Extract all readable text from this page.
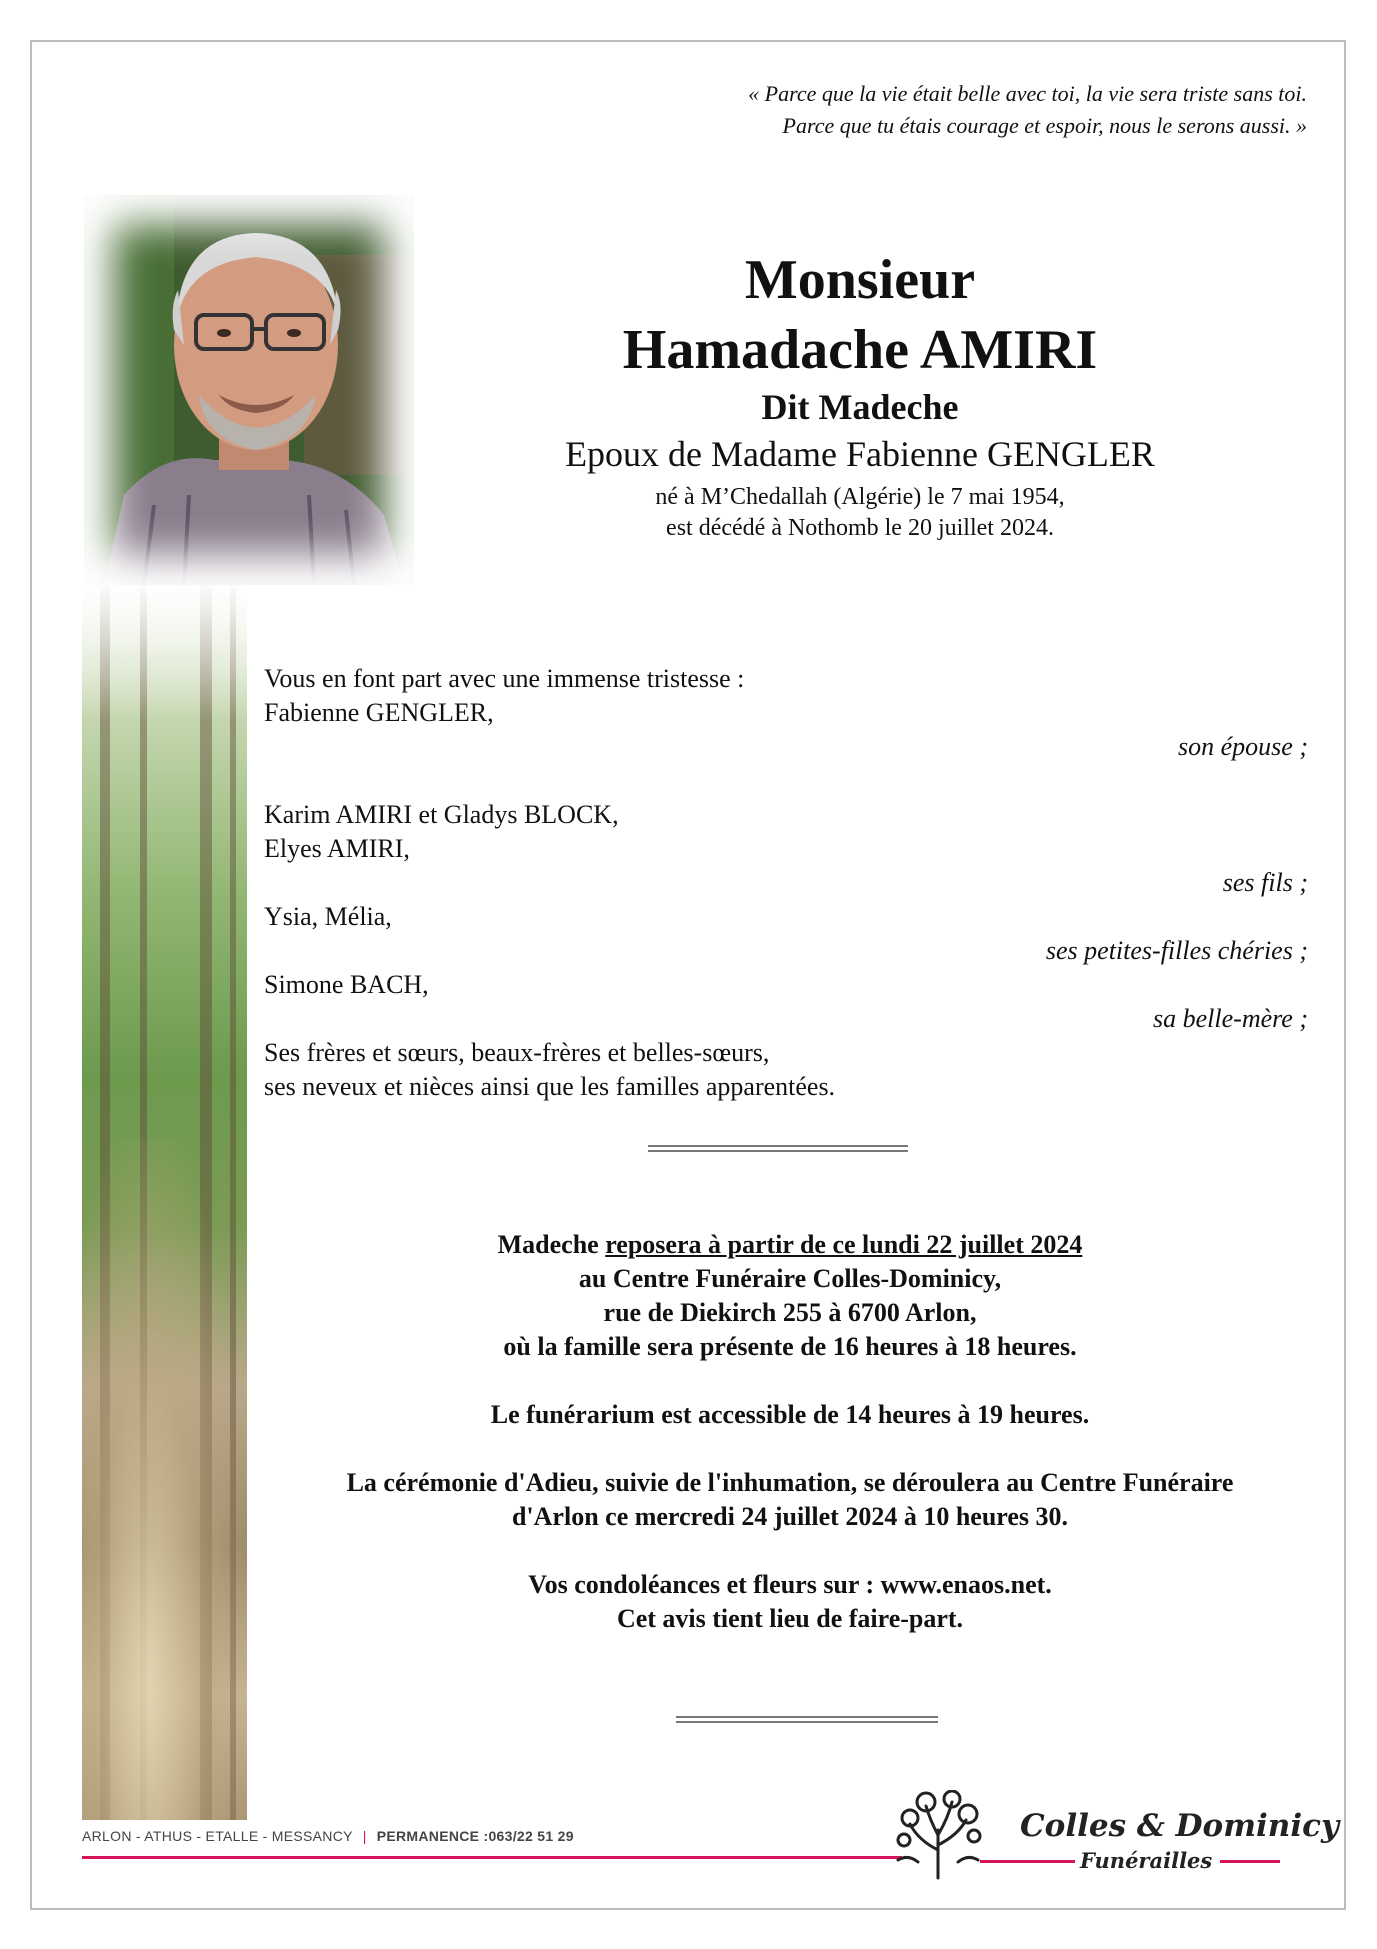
« Parce que la vie était belle avec toi, la vie sera triste sans toi.
Parce que tu étais courage et espoir, nous le serons aussi. »
Monsieur
Hamadache AMIRI
Dit Madeche
Epoux de Madame Fabienne GENGLER
né à M’Chedallah (Algérie) le 7 mai 1954,
est décédé à Nothomb le 20 juillet 2024.
Vous en font part avec une immense tristesse :
Fabienne GENGLER,
son épouse ;
Karim AMIRI et Gladys BLOCK,
Elyes AMIRI,
ses fils ;
Ysia, Mélia,
ses petites-filles chéries ;
Simone BACH,
sa belle-mère ;
Ses frères et sœurs, beaux-frères et belles-sœurs,
ses neveux et nièces ainsi que les familles apparentées.
Madeche reposera à partir de ce lundi 22 juillet 2024
au Centre Funéraire Colles-Dominicy,
rue de Diekirch 255 à 6700 Arlon,
où la famille sera présente de 16 heures à 18 heures.
Le funérarium est accessible de 14 heures à 19 heures.
La cérémonie d'Adieu, suivie de l'inhumation, se déroulera au Centre Funéraire
d'Arlon ce mercredi 24 juillet 2024 à 10 heures 30.
Vos condoléances et fleurs sur : www.enaos.net.
Cet avis tient lieu de faire-part.
ARLON - ATHUS - ETALLE - MESSANCY | PERMANENCE :063/22 51 29	Colles & Dominicy
Funérailles
